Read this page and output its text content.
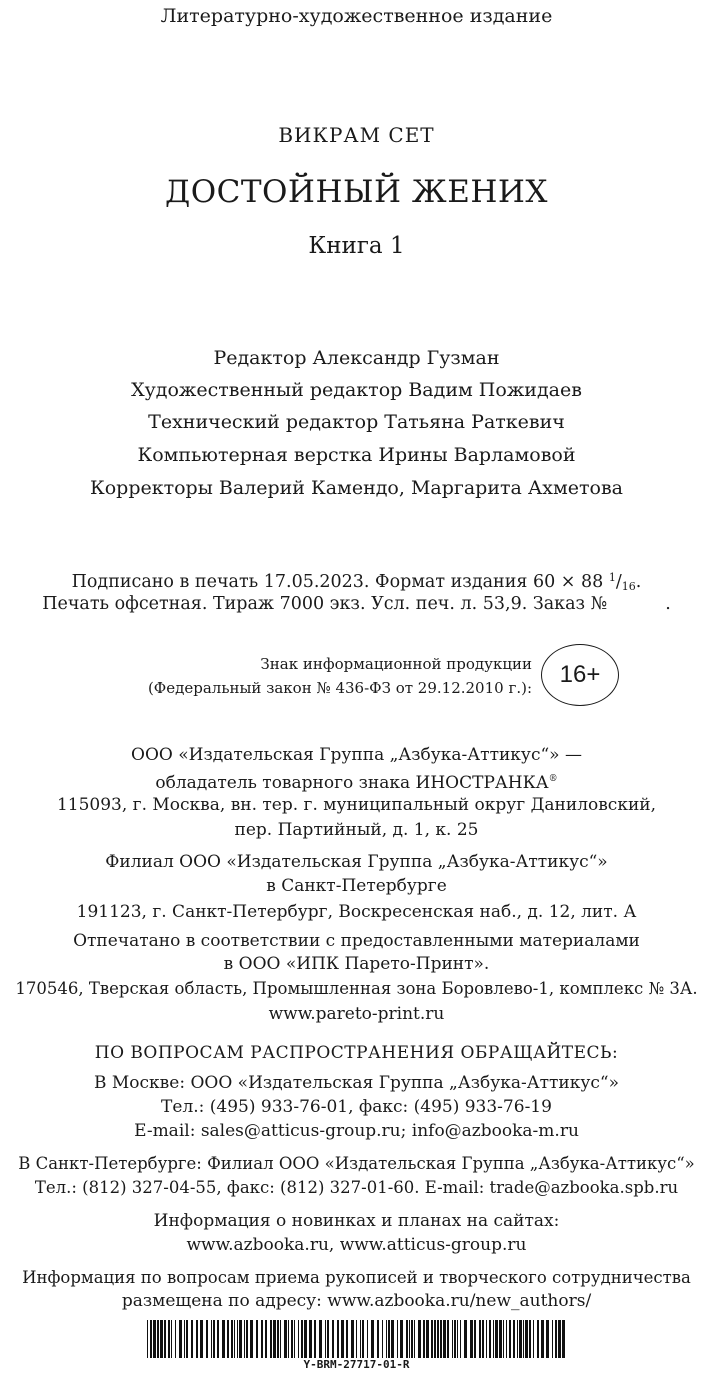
Литературно-художественное издание
ВИКРАМ СЕТ
ДОСТОЙНЫЙ ЖЕНИХ
Книга 1
Редактор Александр Гузман
Художественный редактор Вадим Пожидаев
Технический редактор Татьяна Раткевич
Компьютерная верстка Ирины Варламовой
Корректоры Валерий Камендо, Маргарита Ахметова
Подписано в печать 17.05.2023. Формат издания 60 × 88 $^1$/16.
Печать офсетная. Тираж 7000 экз. Усл. печ. л. 53,9. Заказ №	.
Знак информационной продукции
(Федеральный закон № 436-ФЗ от 29.12.2010 г.):	16+
ООО «Издательская Группа „Азбука-Аттикус“» —
обладатель товарного знака ИНОСТРАНКА®
115093, г. Москва, вн. тер. г. муниципальный округ Даниловский,
пер. Партийный, д. 1, к. 25
Филиал ООО «Издательская Группа „Азбука-Аттикус“»
в Санкт-Петербурге
191123, г. Санкт-Петербург, Воскресенская наб., д. 12, лит. А
Отпечатано в соответствии с предоставленными материалами
в ООО «ИПК Парето-Принт».
170546, Тверская область, Промышленная зона Боровлево-1, комплекс № 3А.
www.pareto-print.ru
ПО ВОПРОСАМ РАСПРОСТРАНЕНИЯ ОБРАЩАЙТЕСЬ:
В Москве: ООО «Издательская Группа „Азбука-Аттикус“»
Тел.: (495) 933-76-01, факс: (495) 933-76-19
E-mail: sales@atticus-group.ru; info@azbooka-m.ru
В Санкт-Петербурге: Филиал ООО «Издательская Группа „Азбука-Аттикус“»
Тел.: (812) 327-04-55, факс: (812) 327-01-60. E-mail: trade@azbooka.spb.ru
Информация о новинках и планах на сайтах:
www.azbooka.ru, www.atticus-group.ru
Информация по вопросам приема рукописей и творческого сотрудничества
размещена по адресу: www.azbooka.ru/new_authors/
Y-BRM-27717-01-R
